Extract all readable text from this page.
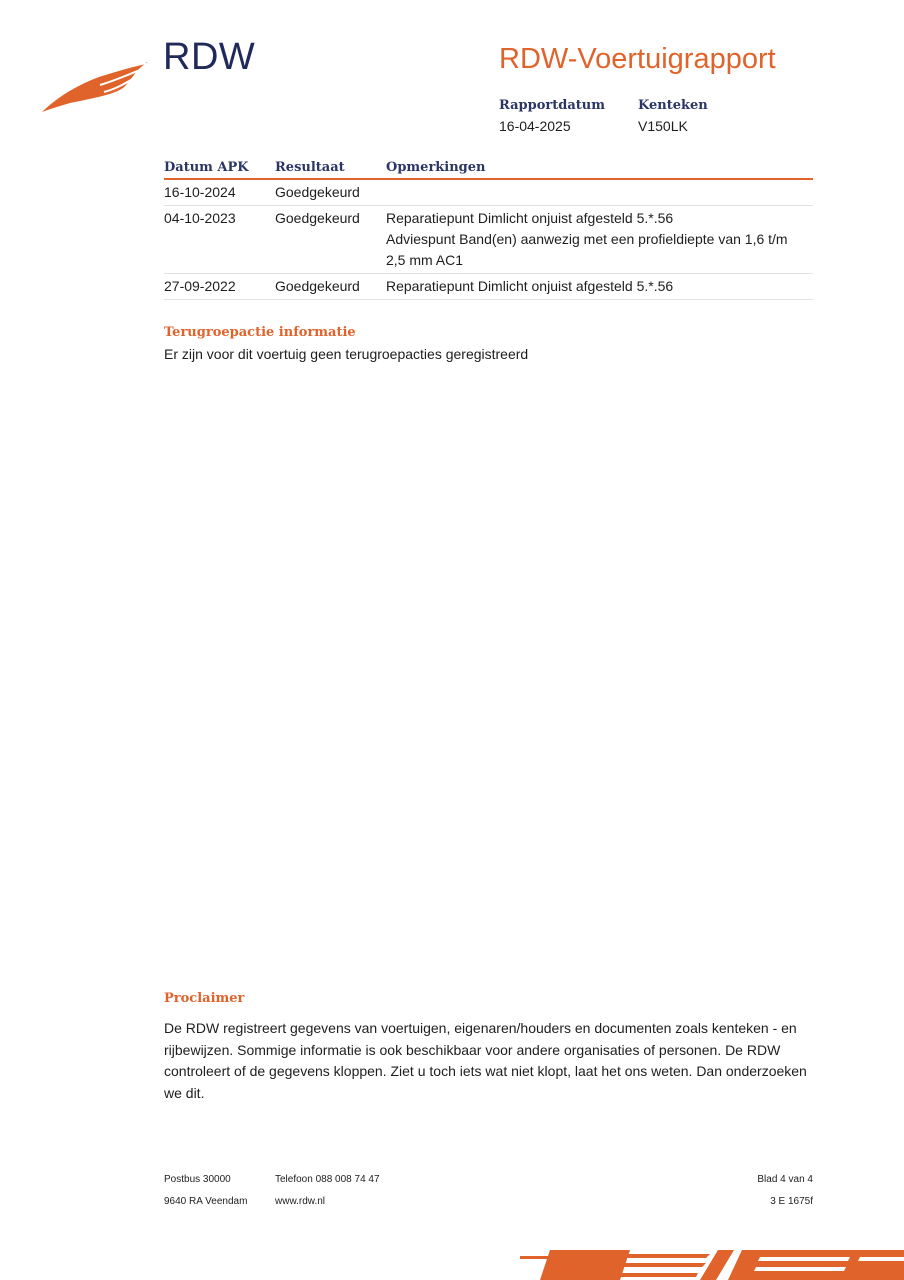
RDW	RDW-Voertuigrapport
Rapportdatum
16-04-2025
Kenteken
V150LK
Datum APK	Resultaat	Opmerkingen
16-10-2024	Goedgekeurd	
04-10-2023	Goedgekeurd	Reparatiepunt Dimlicht onjuist afgesteld 5.*.56
Adviespunt Band(en) aanwezig met een profieldiepte van 1,6 t/m
2,5 mm AC1

27-09-2022	Goedgekeurd	Reparatiepunt Dimlicht onjuist afgesteld 5.*.56
Terugroepactie informatie
Er zijn voor dit voertuig geen terugroepacties geregistreerd
Proclaimer
De RDW registreert gegevens van voertuigen, eigenaren/houders en documenten zoals kenteken - en rijbewijzen. Sommige informatie is ook beschikbaar voor andere organisaties of personen. De RDW controleert of de gegevens kloppen. Ziet u toch iets wat niet klopt, laat het ons weten. Dan onderzoeken we dit.
Postbus 30000
9640 RA Veendam
Telefoon 088 008 74 47
www.rdw.nl
Blad 4 van 4
3 E 1675f
